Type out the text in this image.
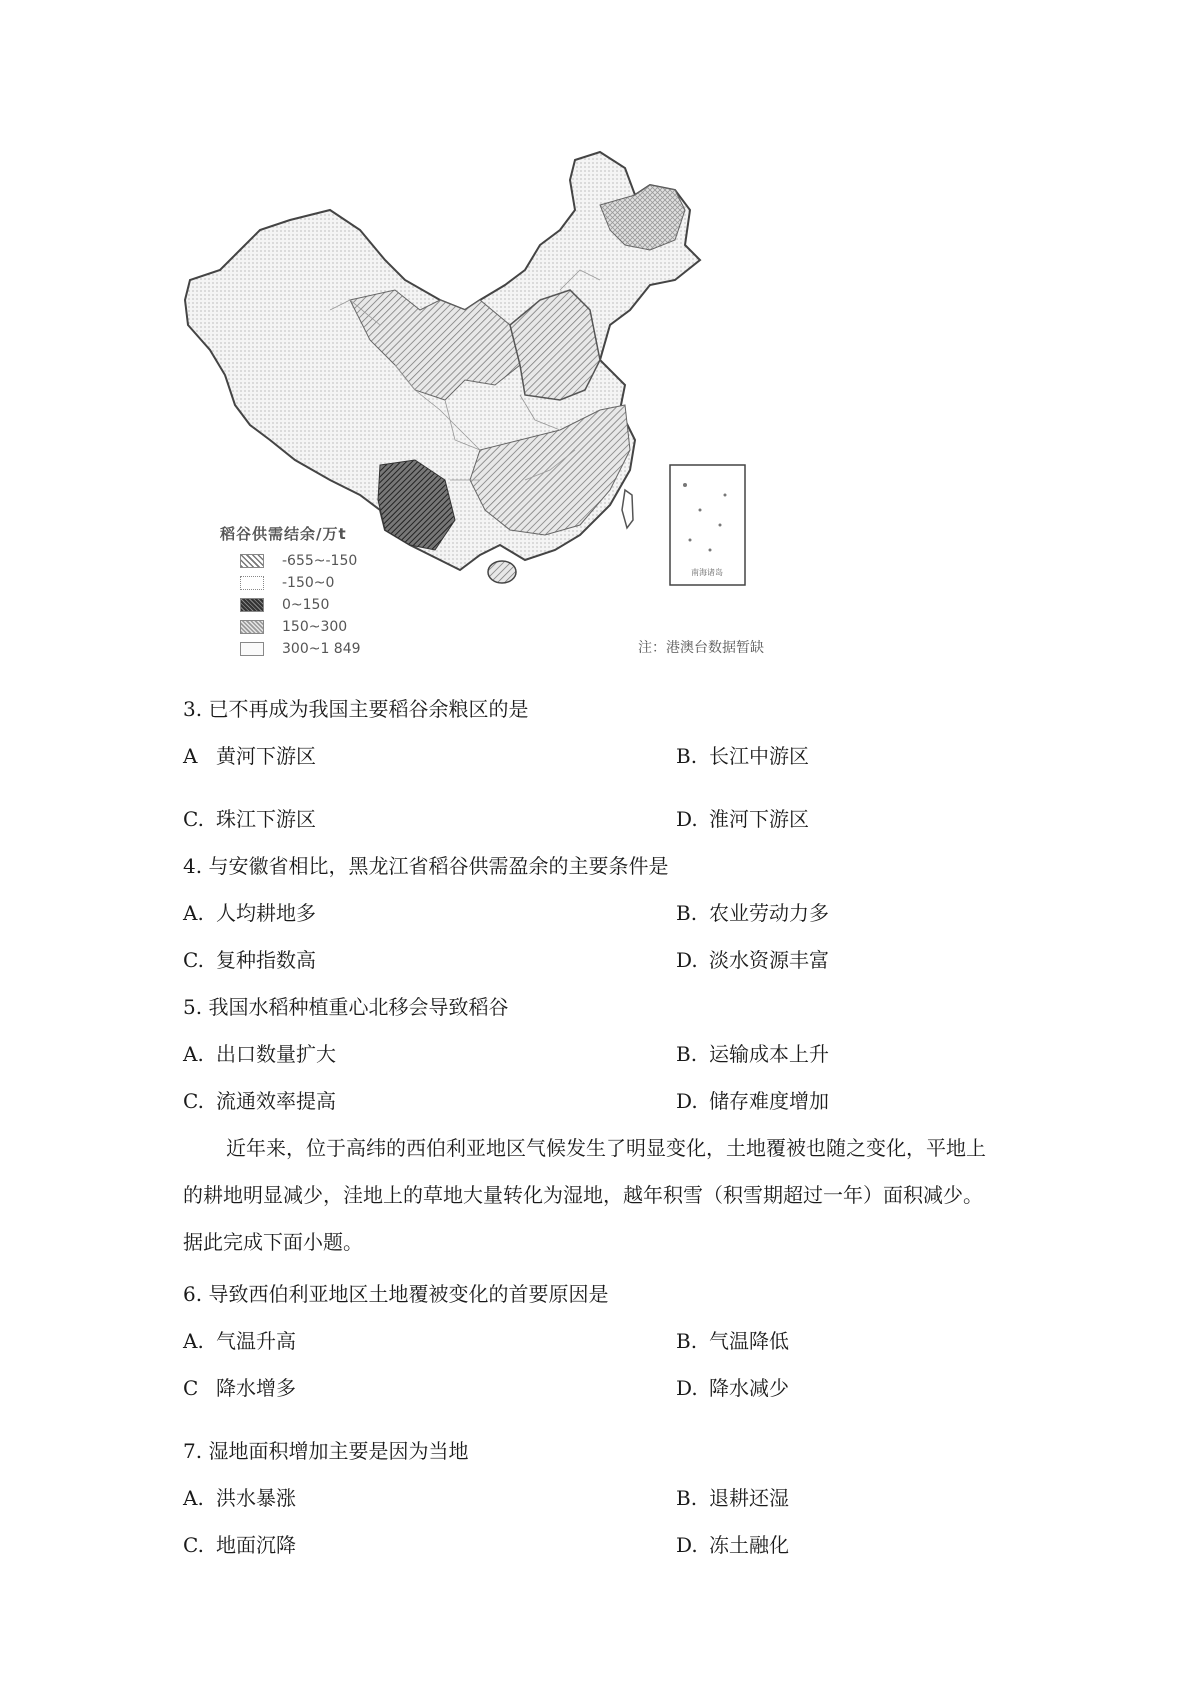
南海诸岛
稻谷供需结余/万t
-655~-150
-150~0
0~150
150~300
300~1 849	注：港澳台数据暂缺
3. 已不再成为我国主要稻谷余粮区的是
A 黄河下游区	B. 长江中游区
C. 珠江下游区	D. 淮河下游区
4. 与安徽省相比，黑龙江省稻谷供需盈余的主要条件是
A. 人均耕地多	B. 农业劳动力多
C. 复种指数高	D. 淡水资源丰富
5. 我国水稻种植重心北移会导致稻谷
A. 出口数量扩大	B. 运输成本上升
C. 流通效率提高	D. 储存难度增加

近年来，位于高纬的西伯利亚地区气候发生了明显变化，土地覆被也随之变化，平地上

的耕地明显减少，洼地上的草地大量转化为湿地，越年积雪（积雪期超过一年）面积减少。

据此完成下面小题。

6. 导致西伯利亚地区土地覆被变化的首要原因是
A. 气温升高	B. 气温降低
C 降水增多	D. 降水减少
7. 湿地面积增加主要是因为当地
A. 洪水暴涨	B. 退耕还湿
C. 地面沉降	D. 冻土融化
